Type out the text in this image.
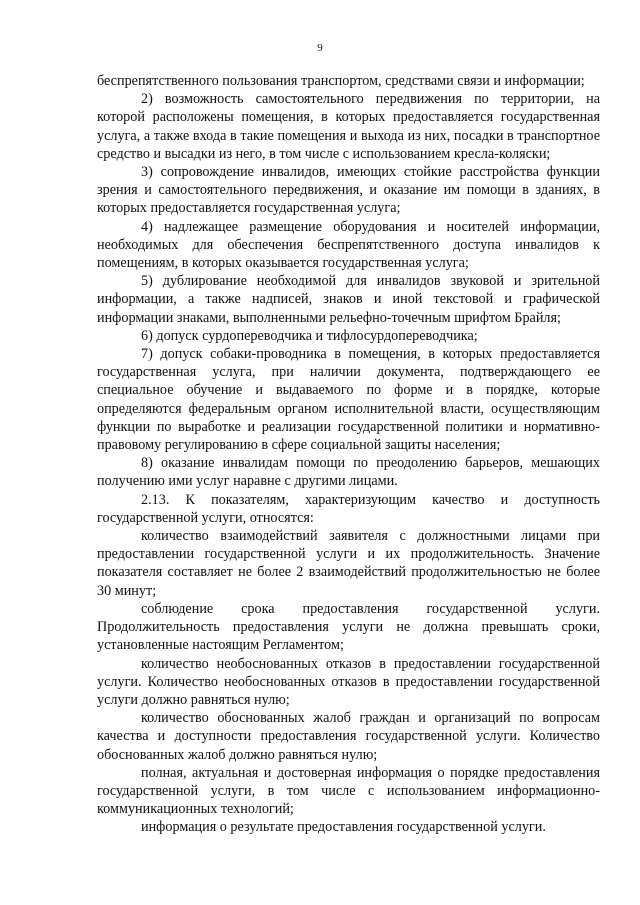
9

беспрепятственного пользования транспортом, средствами связи и информации;

2) возможность самостоятельного передвижения по территории, на которой расположены помещения, в которых предоставляется государственная услуга, а также входа в такие помещения и выхода из них, посадки в транспортное средство и высадки из него, в том числе с использованием кресла-коляски;

3) сопровождение инвалидов, имеющих стойкие расстройства функции зрения и самостоятельного передвижения, и оказание им помощи в зданиях, в которых предоставляется государственная услуга;

4) надлежащее размещение оборудования и носителей информации, необходимых для обеспечения беспрепятственного доступа инвалидов к помещениям, в которых оказывается государственная услуга;

5) дублирование необходимой для инвалидов звуковой и зрительной информации, а также надписей, знаков и иной текстовой и графической информации знаками, выполненными рельефно-точечным шрифтом Брайля;

6) допуск сурдопереводчика и тифлосурдопереводчика;

7) допуск собаки-проводника в помещения, в которых предоставляется государственная услуга, при наличии документа, подтверждающего ее специальное обучение и выдаваемого по форме и в порядке, которые определяются федеральным органом исполнительной власти, осуществляющим функции по выработке и реализации государственной политики и нормативно-правовому регулированию в сфере социальной защиты населения;

8) оказание инвалидам помощи по преодолению барьеров, мешающих получению ими услуг наравне с другими лицами.

2.13. К показателям, характеризующим качество и доступность государственной услуги, относятся:

количество взаимодействий заявителя с должностными лицами при предоставлении государственной услуги и их продолжительность. Значение показателя составляет не более 2 взаимодействий продолжительностью не более 30 минут;

соблюдение срока предоставления государственной услуги. Продолжительность предоставления услуги не должна превышать сроки, установленные настоящим Регламентом;

количество необоснованных отказов в предоставлении государственной услуги. Количество необоснованных отказов в предоставлении государственной услуги должно равняться нулю;

количество обоснованных жалоб граждан и организаций по вопросам качества и доступности предоставления государственной услуги. Количество обоснованных жалоб должно равняться нулю;

полная, актуальная и достоверная информация о порядке предоставления государственной услуги, в том числе с использованием информационно-коммуникационных технологий;

информация о результате предоставления государственной услуги.
